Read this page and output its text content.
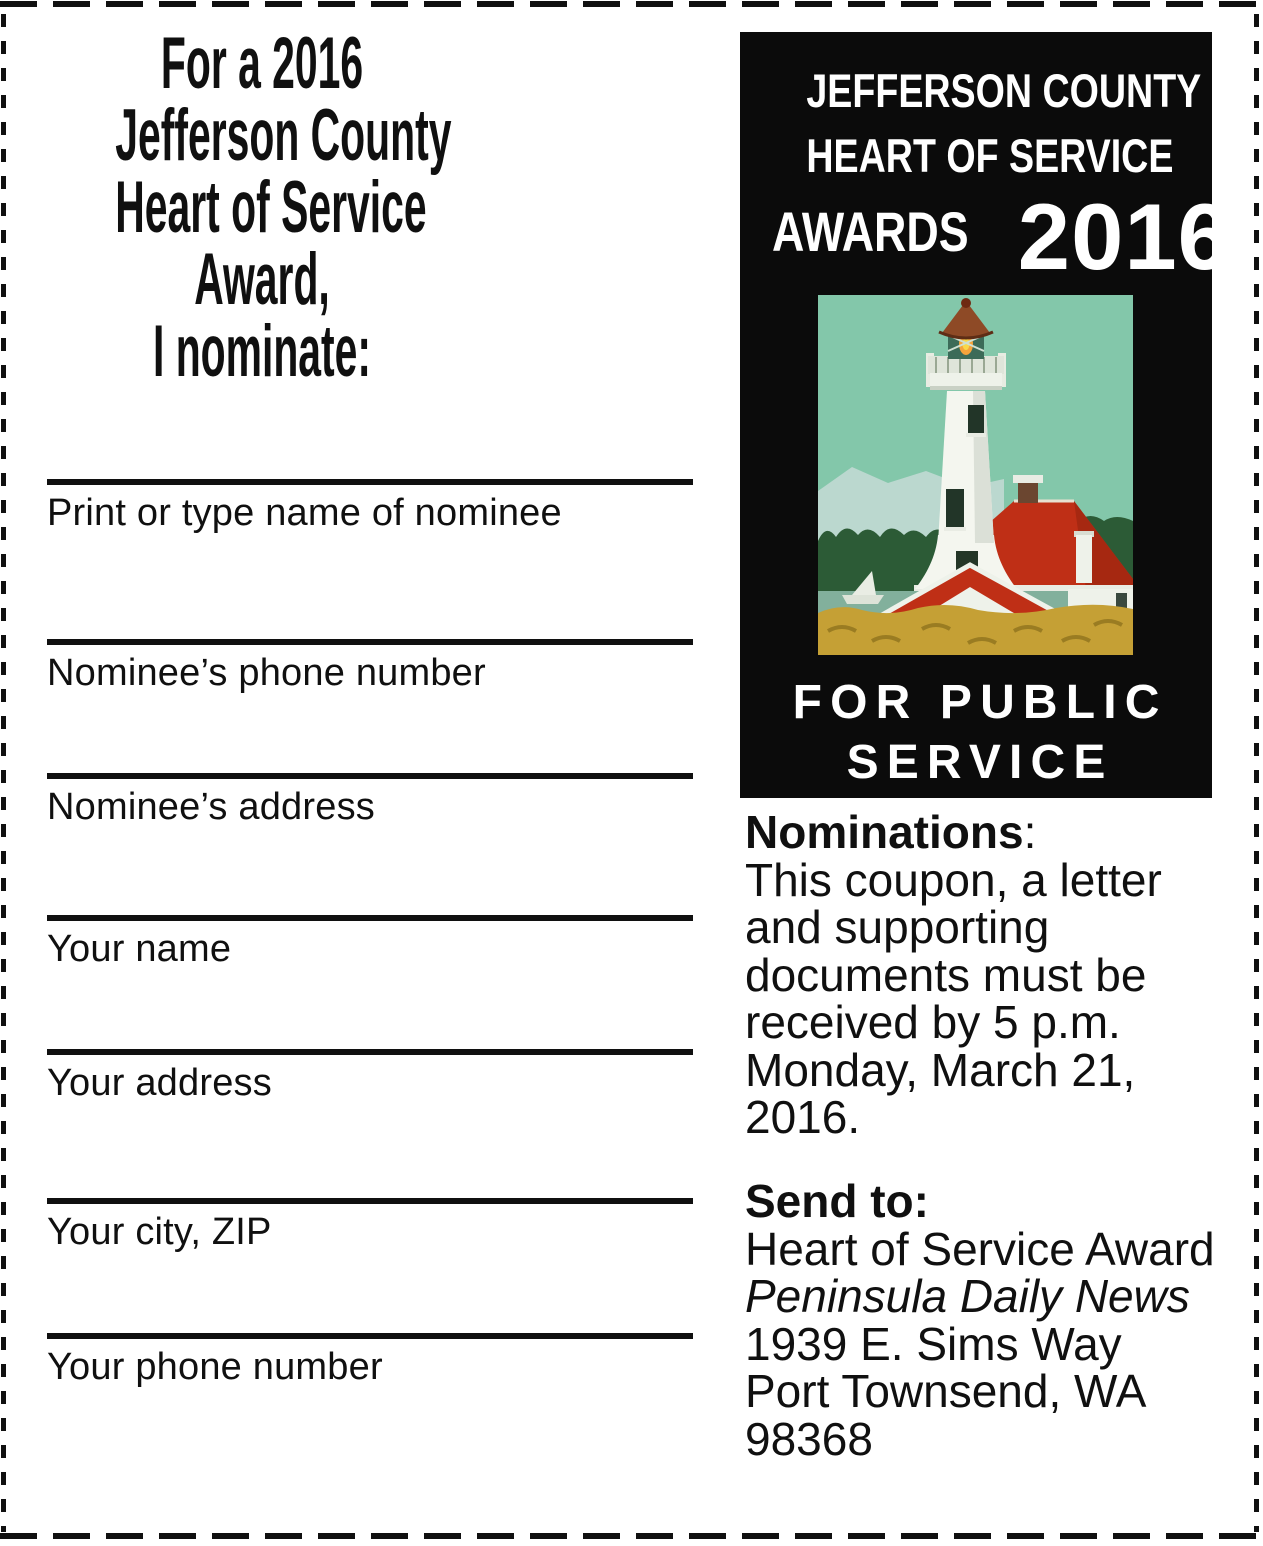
For a 2016
Jefferson County
Heart of Service
Award,
I nominate:
Print or type name of nominee
Nominee’s phone number
Nominee’s address
Your name
Your address
Your city, ZIP
Your phone number
JEFFERSON COUNTY
HEART OF SERVICE
AWARDS 2016
FOR PUBLIC
SERVICE
Nominations:
This coupon, a letter
and supporting
documents must be
received by 5 p.m.
Monday, March 21,
2016.
Send to:
Heart of Service Award
Peninsula Daily News
1939 E. Sims Way
Port Townsend, WA
98368
